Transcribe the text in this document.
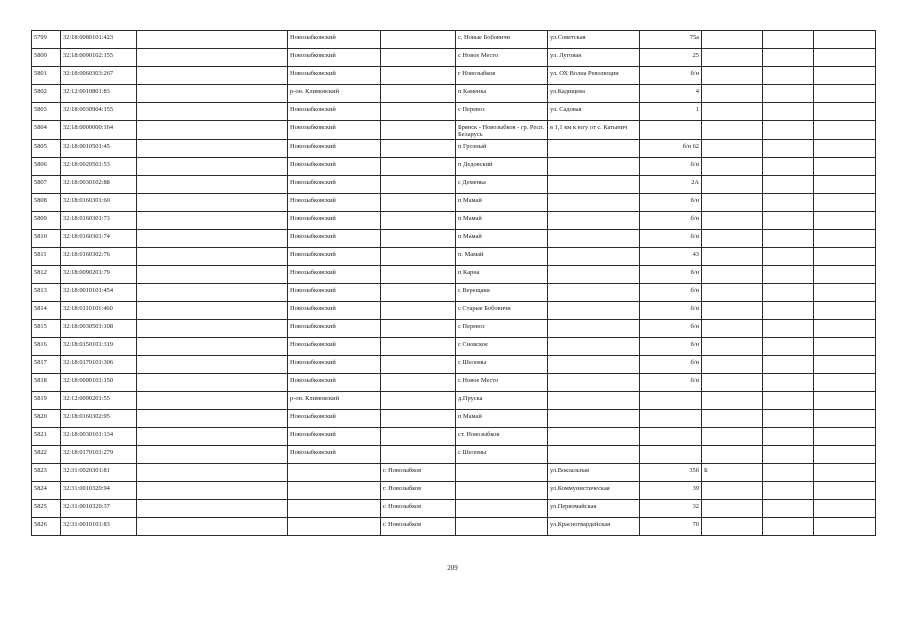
5799	32:18:0080101:423		Новозыбковский		с. Новые Бобовичи	ул.Советская	75а			
5800	32:18:0090102:155		Новозыбковский		с Новое Место	ул. Луговая	25			
5801	32:18:0060303:267		Новозыбковский		г Новозыбков	ул. ОХ Волна Революции	б/н			
5802	32:12:0010801:83		р-он. Климовский		п Каменка	ул.Кадищева	4			
5803	32:18:0030904:155		Новозыбковский		с Перевоз	ул. Садовая	1			
5804	32:18:0000000:164		Новозыбковский		Брянск - Новозыбков - гр. Респ. Беларусь	в 1,1 км к югу от с. Катынич				
5805	32:18:0010501:45		Новозыбковский		п Грозный		б/н 62			
5806	32:18:0020501:53		Новозыбковский		п Дедовский		б/н			
5807	32:18:0030102:88		Новозыбковский		с Деменка		2А			
5808	32:18:0160301:60		Новозыбковский		п Мамай		б/н			
5809	32:18:0160301:73		Новозыбковский		п Мамай		б/н			
5810	32:18:0160301:74		Новозыбковский		п Мамай		б/н			
5811	32:18:0160302:76		Новозыбковский		п. Мамай		43			
5812	32:18:0090201:79		Новозыбковский		п Карна		б/н			
5813	32:18:0010101:454		Новозыбковский		с Верещаки		б/н			
5814	32:18:0110101:460		Новозыбковский		с Старые Бобовичи		б/н			
5815	32:18:0030501:108		Новозыбковский		с Перевоз		б/н			
5816	32:18:0150101:319		Новозыбковский		с Сновское		б/н			
5817	32:18:0170101:306		Новозыбковский		с Шеломы		б/н			
5818	32:18:0090101:150		Новозыбковский		с Новое Место		б/н			
5819	32:12:0090201:55		р-он. Климовский		д.Пруска					
5820	32:18:0160302:95		Новозыбковский		п Мамай					
5821	32:18:0030101:134		Новозыбковский		ст. Новозыбков					
5822	32:18:0170101:279		Новозыбковский		с Шеломы					
5823	32:31:0020301:81			г. Новозыбков		ул.Вокзальная	35б	Б		
5824	32:31:0010320:94			г. Новозыбков		ул.Коммунистическая	39			
5825	32:31:0010320:37			г. Новозыбков		ул.Первомайская	32			
5826	32:31:0010101:83			г. Новозыбков		ул.Красногвардейская	70			
209
